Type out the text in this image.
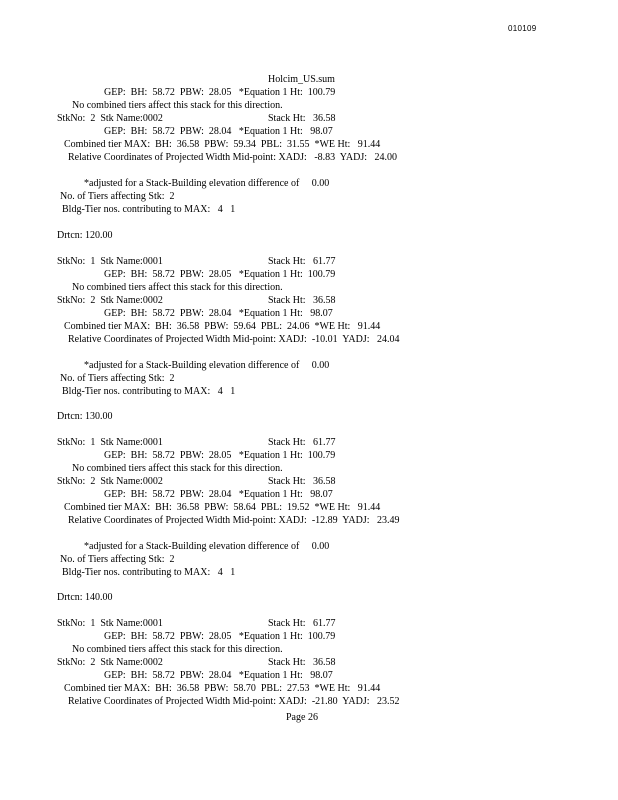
010109
Holcim_US.sum
GEP:  BH:  58.72  PBW:  28.05   *Equation 1 Ht:  100.79
No combined tiers affect this stack for this direction.
StkNo:  2  Stk Name:0002	Stack Ht:   36.58
GEP:  BH:  58.72  PBW:  28.04   *Equation 1 Ht:   98.07
Combined tier MAX:  BH:  36.58  PBW:  59.34  PBL:  31.55  *WE Ht:   91.44
Relative Coordinates of Projected Width Mid-point: XADJ:   -8.83  YADJ:   24.00
*adjusted for a Stack-Building elevation difference of     0.00
No. of Tiers affecting Stk:  2
Bldg-Tier nos. contributing to MAX:   4   1
Drtcn: 120.00
StkNo:  1  Stk Name:0001	Stack Ht:   61.77
GEP:  BH:  58.72  PBW:  28.05   *Equation 1 Ht:  100.79
No combined tiers affect this stack for this direction.
StkNo:  2  Stk Name:0002	Stack Ht:   36.58
GEP:  BH:  58.72  PBW:  28.04   *Equation 1 Ht:   98.07
Combined tier MAX:  BH:  36.58  PBW:  59.64  PBL:  24.06  *WE Ht:   91.44
Relative Coordinates of Projected Width Mid-point: XADJ:  -10.01  YADJ:   24.04
*adjusted for a Stack-Building elevation difference of     0.00
No. of Tiers affecting Stk:  2
Bldg-Tier nos. contributing to MAX:   4   1
Drtcn: 130.00
StkNo:  1  Stk Name:0001	Stack Ht:   61.77
GEP:  BH:  58.72  PBW:  28.05   *Equation 1 Ht:  100.79
No combined tiers affect this stack for this direction.
StkNo:  2  Stk Name:0002	Stack Ht:   36.58
GEP:  BH:  58.72  PBW:  28.04   *Equation 1 Ht:   98.07
Combined tier MAX:  BH:  36.58  PBW:  58.64  PBL:  19.52  *WE Ht:   91.44
Relative Coordinates of Projected Width Mid-point: XADJ:  -12.89  YADJ:   23.49
*adjusted for a Stack-Building elevation difference of     0.00
No. of Tiers affecting Stk:  2
Bldg-Tier nos. contributing to MAX:   4   1
Drtcn: 140.00
StkNo:  1  Stk Name:0001	Stack Ht:   61.77
GEP:  BH:  58.72  PBW:  28.05   *Equation 1 Ht:  100.79
No combined tiers affect this stack for this direction.
StkNo:  2  Stk Name:0002	Stack Ht:   36.58
GEP:  BH:  58.72  PBW:  28.04   *Equation 1 Ht:   98.07
Combined tier MAX:  BH:  36.58  PBW:  58.70  PBL:  27.53  *WE Ht:   91.44
Relative Coordinates of Projected Width Mid-point: XADJ:  -21.80  YADJ:   23.52
Page 26
